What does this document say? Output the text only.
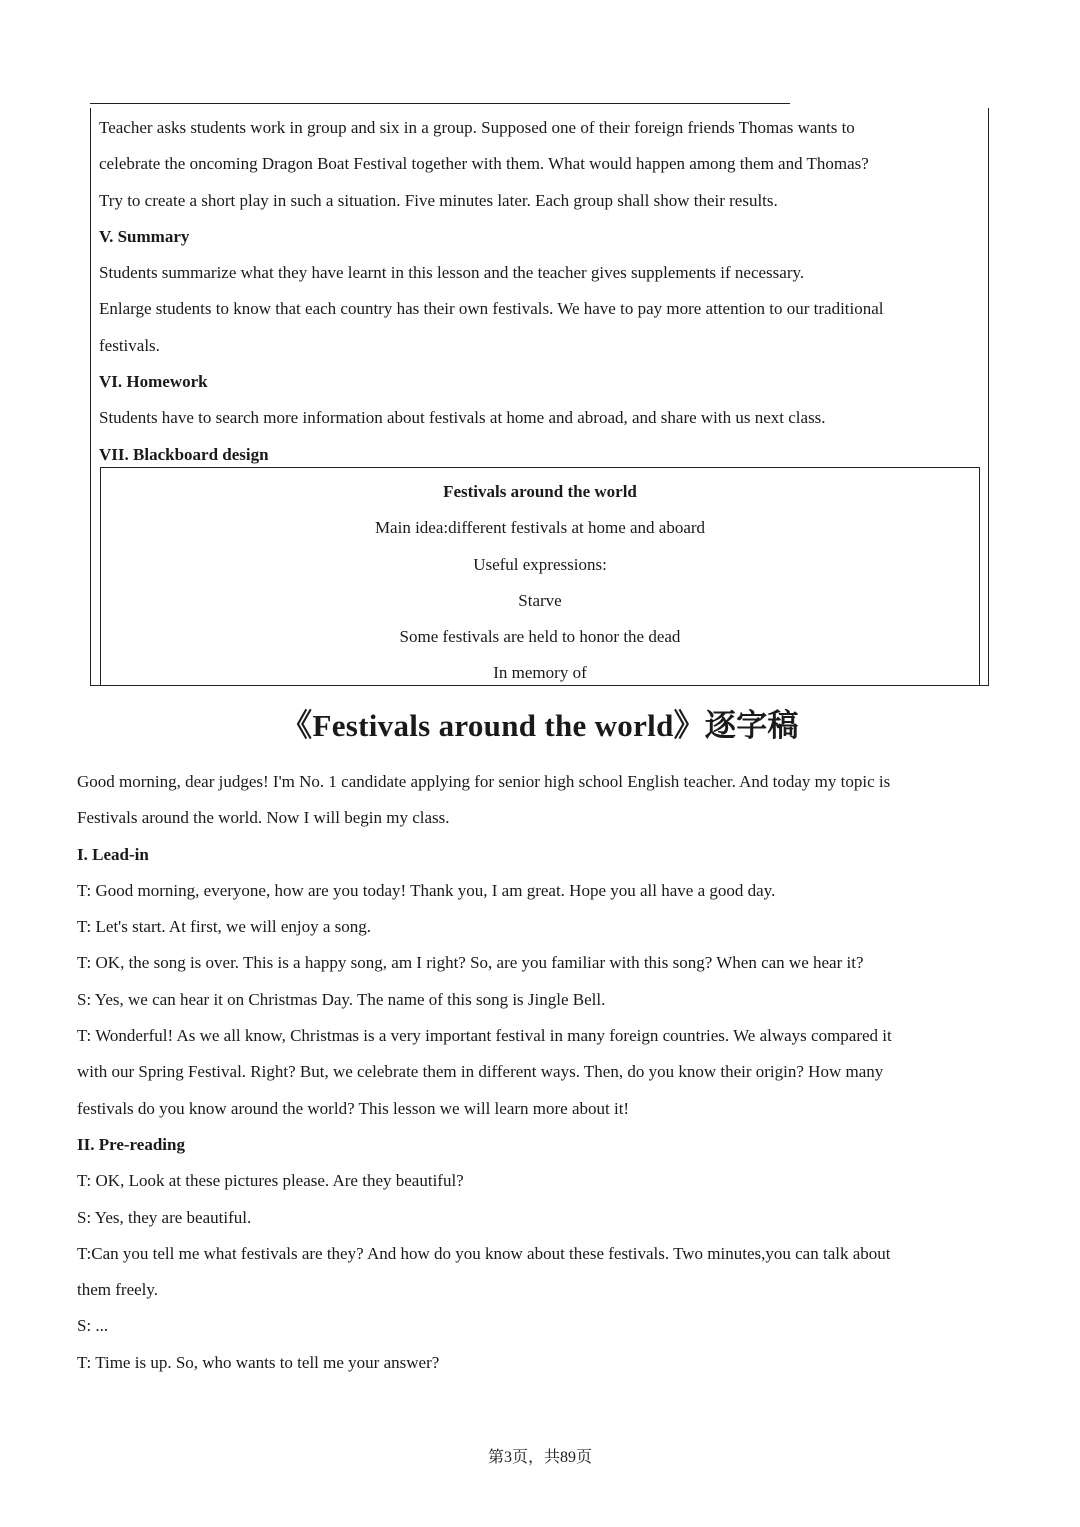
Teacher asks students work in group and six in a group. Supposed one of their foreign friends Thomas wants to
celebrate the oncoming Dragon Boat Festival together with them. What would happen among them and Thomas?
Try to create a short play in such a situation. Five minutes later. Each group shall show their results.
V. Summary
Students summarize what they have learnt in this lesson and the teacher gives supplements if necessary.
Enlarge students to know that each country has their own festivals. We have to pay more attention to our traditional
festivals.
VI. Homework
Students have to search more information about festivals at home and abroad, and share with us next class.
VII. Blackboard design
Festivals around the world
Main idea:different festivals at home and aboard
Useful expressions:
Starve
Some festivals are held to honor the dead
In memory of
《Festivals around the world》逐字稿
Good morning, dear judges! I'm No. 1 candidate applying for senior high school English teacher. And today my topic is
Festivals around the world. Now I will begin my class.
I. Lead-in
T: Good morning, everyone, how are you today! Thank you, I am great. Hope you all have a good day.
T: Let's start. At first, we will enjoy a song.
T: OK, the song is over. This is a happy song, am I right? So, are you familiar with this song? When can we hear it?
S: Yes, we can hear it on Christmas Day. The name of this song is Jingle Bell.
T: Wonderful! As we all know, Christmas is a very important festival in many foreign countries. We always compared it
with our Spring Festival. Right? But, we celebrate them in different ways. Then, do you know their origin? How many
festivals do you know around the world? This lesson we will learn more about it!
II. Pre-reading
T: OK, Look at these pictures please. Are they beautiful?
S: Yes, they are beautiful.
T:Can you tell me what festivals are they? And how do you know about these festivals. Two minutes,you can talk about
them freely.
S: ...
T: Time is up. So, who wants to tell me your answer?
第3页，共89页
